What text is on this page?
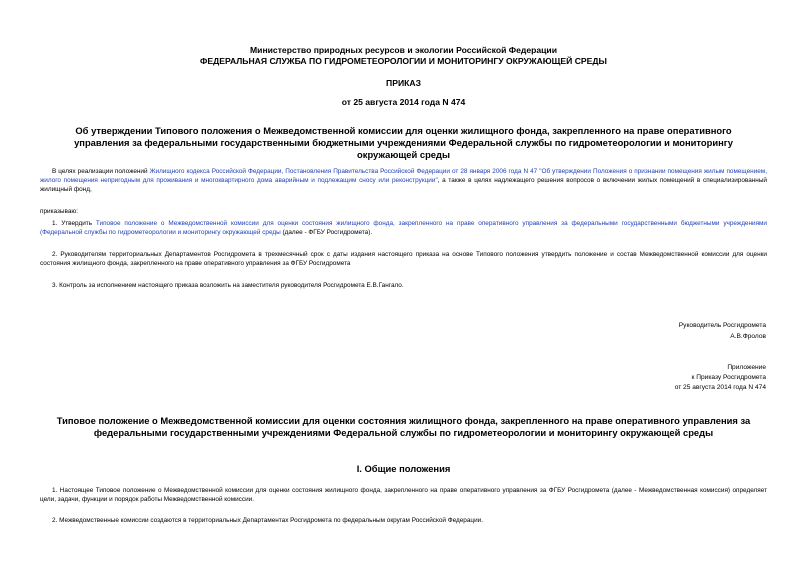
Министерство природных ресурсов и экологии Российской Федерации
ФЕДЕРАЛЬНАЯ СЛУЖБА ПО ГИДРОМЕТЕОРОЛОГИИ И МОНИТОРИНГУ ОКРУЖАЮЩЕЙ СРЕДЫ
ПРИКАЗ
от 25 августа 2014 года N 474
Об утверждении Типового положения о Межведомственной комиссии для оценки жилищного фонда, закрепленного на праве оперативного управления за федеральными государственными бюджетными учреждениями Федеральной службы по гидрометеорологии и мониторингу окружающей среды

В целях реализации положений Жилищного кодекса Российской Федерации, Постановления Правительства Российской Федерации от 28 января 2006 года N 47 "Об утверждении Положения о признании помещения жилым помещением, жилого помещения непригодным для проживания и многоквартирного дома аварийным и подлежащим сносу или реконструкции", а также в целях надлежащего решения вопросов о включении жилых помещений в специализированный жилищный фонд,

приказываю:

1. Утвердить Типовое положение о Межведомственной комиссии для оценки состояния жилищного фонда, закрепленного на праве оперативного управления за федеральными государственными бюджетными учреждениями (Федеральной службы по гидрометеорологии и мониторингу окружающей среды (далее - ФГБУ Росгидромета).

2. Руководителям территориальных Департаментов Росгидромета в трехмесячный срок с даты издания настоящего приказа на основе Типового положения утвердить положение и состав Межведомственной комиссии для оценки состояния жилищного фонда, закрепленного на праве оперативного управления за ФГБУ Росгидромета

3. Контроль за исполнением настоящего приказа возложить на заместителя руководителя Росгидромета Е.В.Гангало.

Руководитель Росгидромета
А.В.Фролов
Приложение
к Приказу Росгидромета
от 25 августа 2014 года N 474
Типовое положение о Межведомственной комиссии для оценки состояния жилищного фонда, закрепленного на праве оперативного управления за федеральными государственными учреждениями Федеральной службы по гидрометеорологии и мониторингу окружающей среды
I. Общие положения

1. Настоящее Типовое положение о Межведомственной комиссии для оценки состояния жилищного фонда, закрепленного на праве оперативного управления за ФГБУ Росгидромета (далее - Межведомственная комиссия) определяет цели, задачи, функции и порядок работы Межведомственной комиссии.

2. Межведомственные комиссии создаются в территориальных Департаментах Росгидромета по федеральным округам Российской Федерации.
